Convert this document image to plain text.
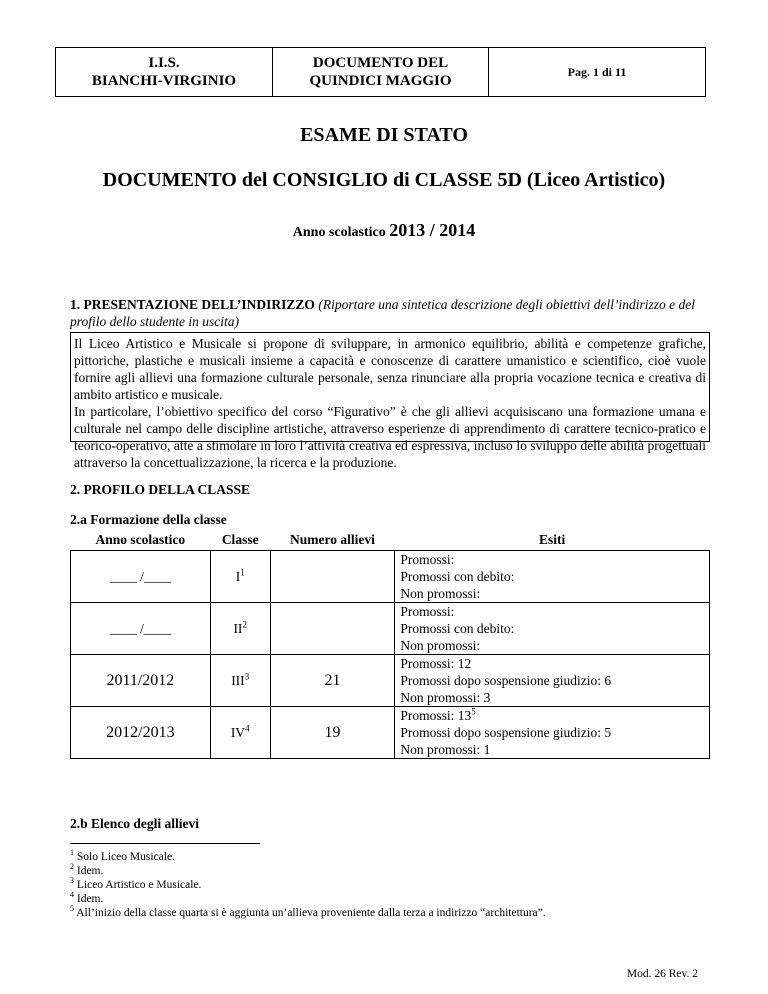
I.I.S.
BIANCHI-VIRGINIO
DOCUMENTO DEL
QUINDICI MAGGIO
Pag. 1 di 11
ESAME DI STATO
DOCUMENTO del CONSIGLIO di CLASSE 5D (Liceo Artistico)
Anno scolastico 2013 / 2014
1. PRESENTAZIONE DELL’INDIRIZZO (Riportare una sintetica descrizione degli obiettivi dell’indirizzo e del profilo dello studente in uscita)

Il Liceo Artistico e Musicale si propone di sviluppare, in armonico equilibrio, abilità e competenze grafiche, pittoriche, plastiche e musicali insieme a capacità e conoscenze di carattere umanistico e scientifico, cioè vuole fornire agli allievi una formazione culturale personale, senza rinunciare alla propria vocazione tecnica e creativa di ambito artistico e musicale.

In particolare, l’obiettivo specifico del corso “Figurativo” è che gli allievi acquisiscano una formazione umana e culturale nel campo delle discipline artistiche, attraverso esperienze di apprendimento di carattere tecnico-pratico e teorico-operativo, atte a stimolare in loro l’attività creativa ed espressiva, incluso lo sviluppo delle abilità progettuali attraverso la concettualizzazione, la ricerca e la produzione.

2. PROFILO DELLA CLASSE
2.a Formazione della classe
Anno scolastico	Classe	Numero allievi	Esiti
____ /____	$I^1$		Promossi:
Promossi con debito:
Non promossi:

____ /____	$II^2$		Promossi:
Promossi con debito:
Non promossi:

2011/2012	III$^3$	21	Promossi: 12
Promossi dopo sospensione giudizio: 6
Non promossi: 3

2012/2013	$IV^4$	19	Promossi: $13^5$
Promossi dopo sospensione giudizio: 5
Non promossi: 1
2.b Elenco degli allievi
$^1$ Solo Liceo Musicale.
$^2$ Idem.
$^3$ Liceo Artistico e Musicale.
$^4$ Idem.
$^5$ All’inizio della classe quarta si è aggiunta un’allieva proveniente dalla terza a indirizzo “architettura”.
Mod. 26 Rev. 2
